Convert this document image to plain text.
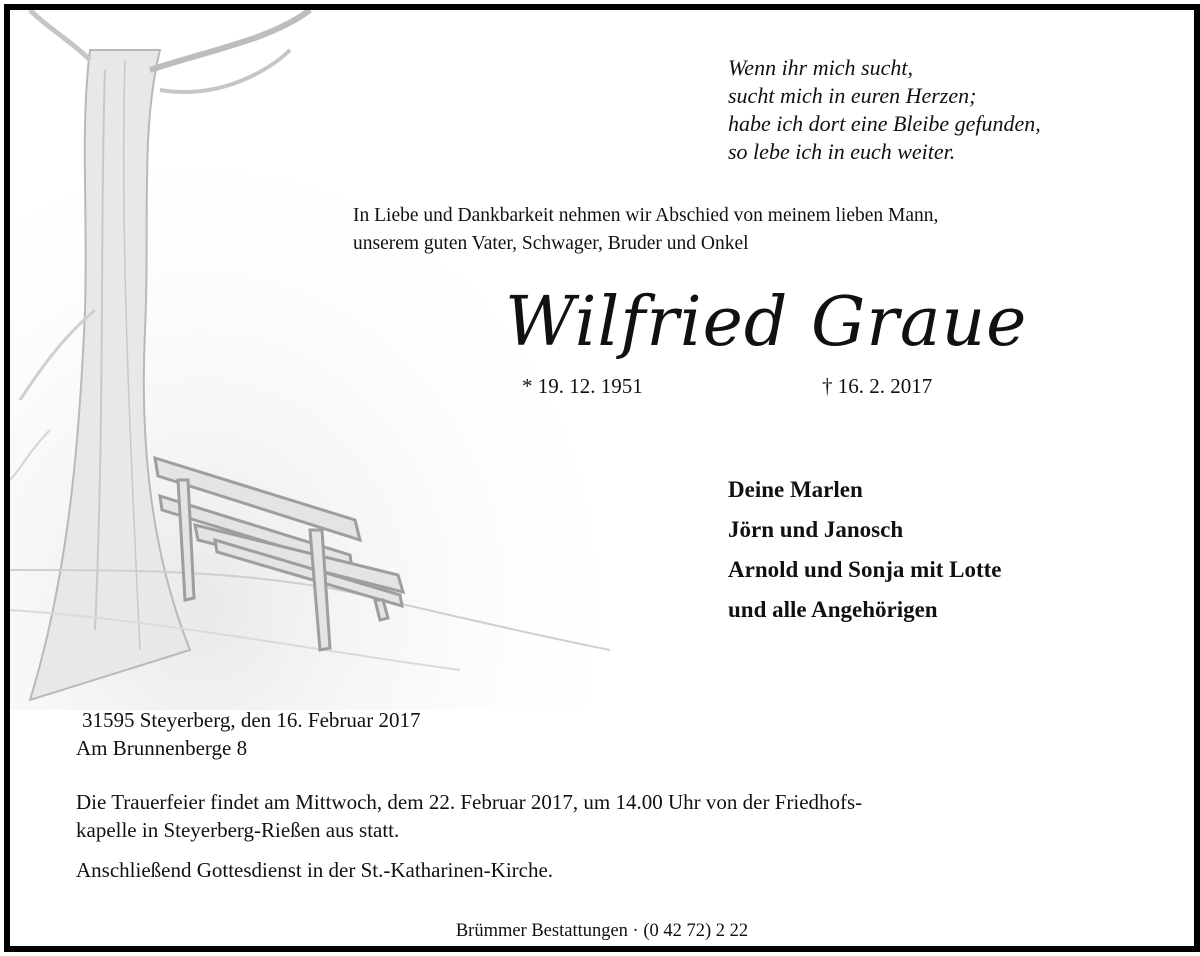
Wenn ihr mich sucht,
sucht mich in euren Herzen;
habe ich dort eine Bleibe gefunden,
so lebe ich in euch weiter.
In Liebe und Dankbarkeit nehmen wir Abschied von meinem lieben Mann,
unserem guten Vater, Schwager, Bruder und Onkel
Wilfried Graue
* 19. 12. 1951	† 16. 2. 2017
Deine Marlen
Jörn und Janosch
Arnold und Sonja mit Lotte
und alle Angehörigen
31595 Steyerberg, den 16. Februar 2017
Am Brunnenberge 8
Die Trauerfeier findet am Mittwoch, dem 22. Februar 2017, um 14.00 Uhr von der Friedhofs-
kapelle in Steyerberg-Rießen aus statt.
Anschließend Gottesdienst in der St.-Katharinen-Kirche.
Brümmer Bestattungen · (0 42 72) 2 22
